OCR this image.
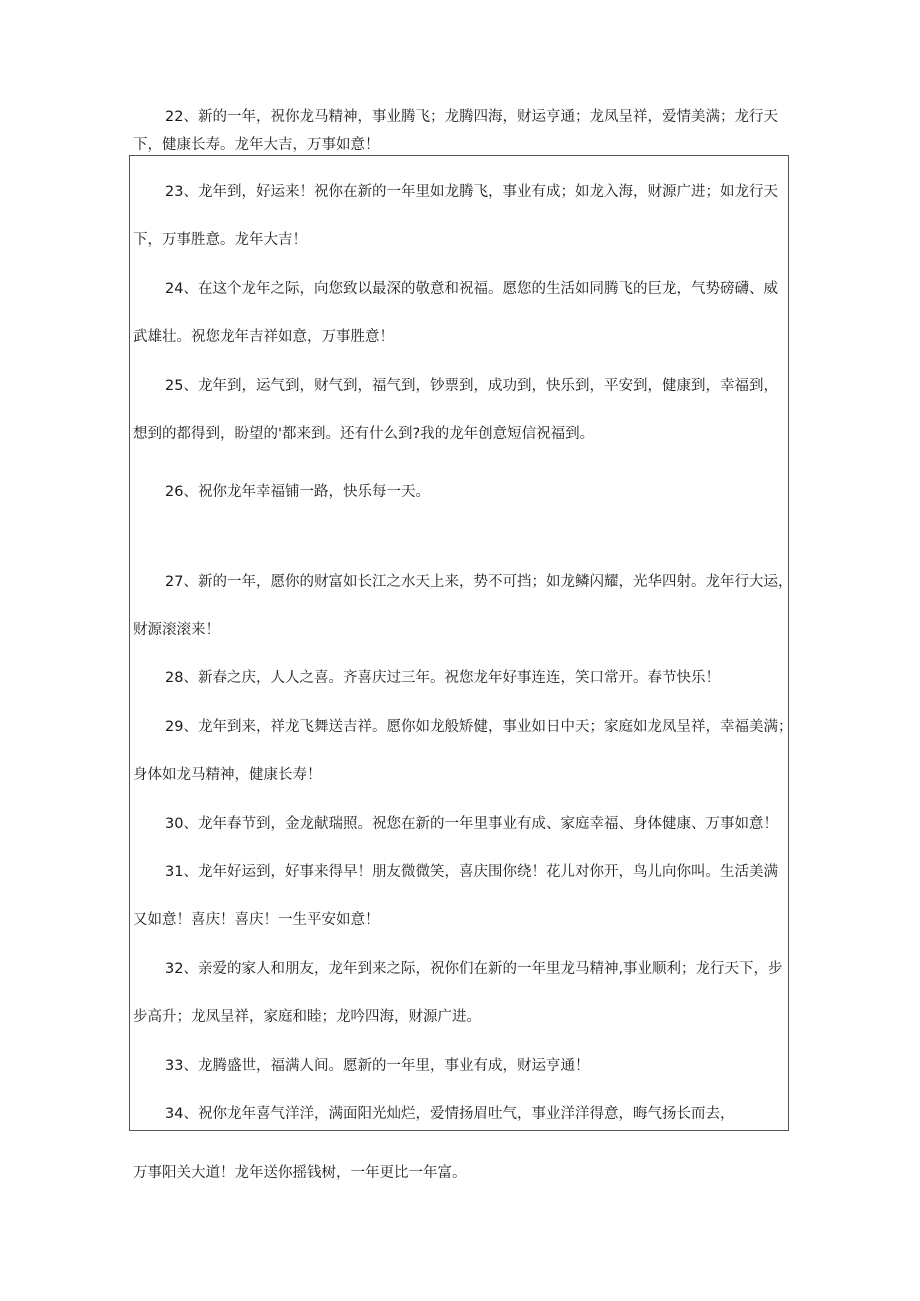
22、新的一年，祝你龙马精神，事业腾飞；龙腾四海，财运亨通；龙凤呈祥，爱情美满；龙行天
下，健康长寿。龙年大吉，万事如意！
23、龙年到，好运来！祝你在新的一年里如龙腾飞，事业有成；如龙入海，财源广进；如龙行天
下，万事胜意。龙年大吉！
24、在这个龙年之际，向您致以最深的敬意和祝福。愿您的生活如同腾飞的巨龙，气势磅礴、威
武雄壮。祝您龙年吉祥如意，万事胜意！
25、龙年到，运气到，财气到，福气到，钞票到，成功到，快乐到，平安到，健康到，幸福到，
想到的都得到，盼望的'都来到。还有什么到?我的龙年创意短信祝福到。
26、祝你龙年幸福铺一路，快乐每一天。
27、新的一年，愿你的财富如长江之水天上来，势不可挡；如龙鳞闪耀，光华四射。龙年行大运，
财源滚滚来！
28、新春之庆，人人之喜。齐喜庆过三年。祝您龙年好事连连，笑口常开。春节快乐！
29、龙年到来，祥龙飞舞送吉祥。愿你如龙般矫健，事业如日中天；家庭如龙凤呈祥，幸福美满；
身体如龙马精神，健康长寿！
30、龙年春节到，金龙献瑞照。祝您在新的一年里事业有成、家庭幸福、身体健康、万事如意！
31、龙年好运到，好事来得早！朋友微微笑，喜庆围你绕！花儿对你开，鸟儿向你叫。生活美满
又如意！喜庆！喜庆！一生平安如意！
32、亲爱的家人和朋友，龙年到来之际，祝你们在新的一年里龙马精神,事业顺利；龙行天下，步
步高升；龙凤呈祥，家庭和睦；龙吟四海，财源广进。
33、龙腾盛世，福满人间。愿新的一年里，事业有成，财运亨通！
34、祝你龙年喜气洋洋，满面阳光灿烂，爱情扬眉吐气，事业洋洋得意，晦气扬长而去，
万事阳关大道！龙年送你摇钱树，一年更比一年富。
